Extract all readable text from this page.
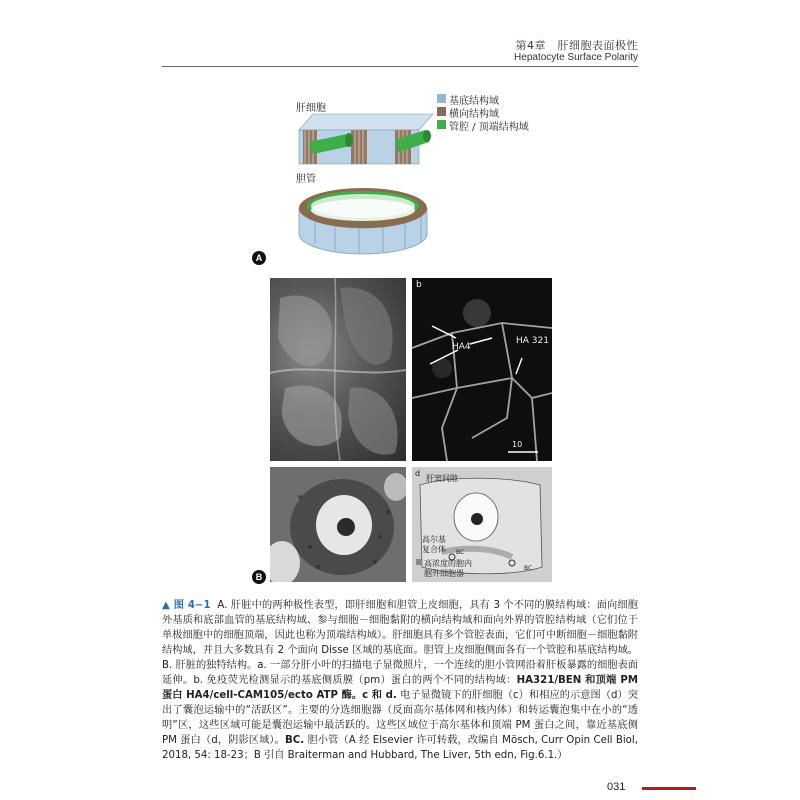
第4章　肝细胞表面极性
Hepatocyte Surface Polarity
肝细胞
胆管
基底结构域
横向结构域
管腔 / 顶端结构域
A
b
HA4
HA 321
10
d
肝窦间隙
高尔基
复合体
高浓度的胞内
胞外细胞器
BC
BC
B
▲ 图 4−1 A. 肝脏中的两种极性表型，即肝细胞和胆管上皮细胞，具有 3 个不同的膜结构域：面向细胞外基质和底部血管的基底结构域、参与细胞－细胞黏附的横向结构域和面向外界的管腔结构域（它们位于单极细胞中的细胞顶端，因此也称为顶端结构域）。肝细胞具有多个管腔表面，它们可中断细胞－细胞黏附结构域，并且大多数具有 2 个面向 Disse 区域的基底面。胆管上皮细胞侧面各有一个管腔和基底结构域。B. 肝脏的独特结构。a. 一部分肝小叶的扫描电子显微照片，一个连续的胆小管网沿着肝板暴露的细胞表面延伸。b. 免疫荧光检测显示的基底侧质膜（pm）蛋白的两个不同的结构域：HA321/BEN 和顶端 PM 蛋白 HA4/cell-CAM105/ecto ATP 酶。c 和 d. 电子显微镜下的肝细胞（c）和相应的示意图（d）突出了囊泡运输中的“活跃区”。主要的分选细胞器（反面高尔基体网和核内体）和转运囊泡集中在小的“透明”区，这些区域可能是囊泡运输中最活跃的。这些区域位于高尔基体和顶端 PM 蛋白之间，靠近基底侧 PM 蛋白（d，阴影区域）。BC. 胆小管（A 经 Elsevier 许可转载，改编自 Mösch, Curr Opin Cell Biol, 2018, 54: 18-23；B 引自 Braiterman and Hubbard, The Liver, 5th edn, Fig.6.1.）
031
